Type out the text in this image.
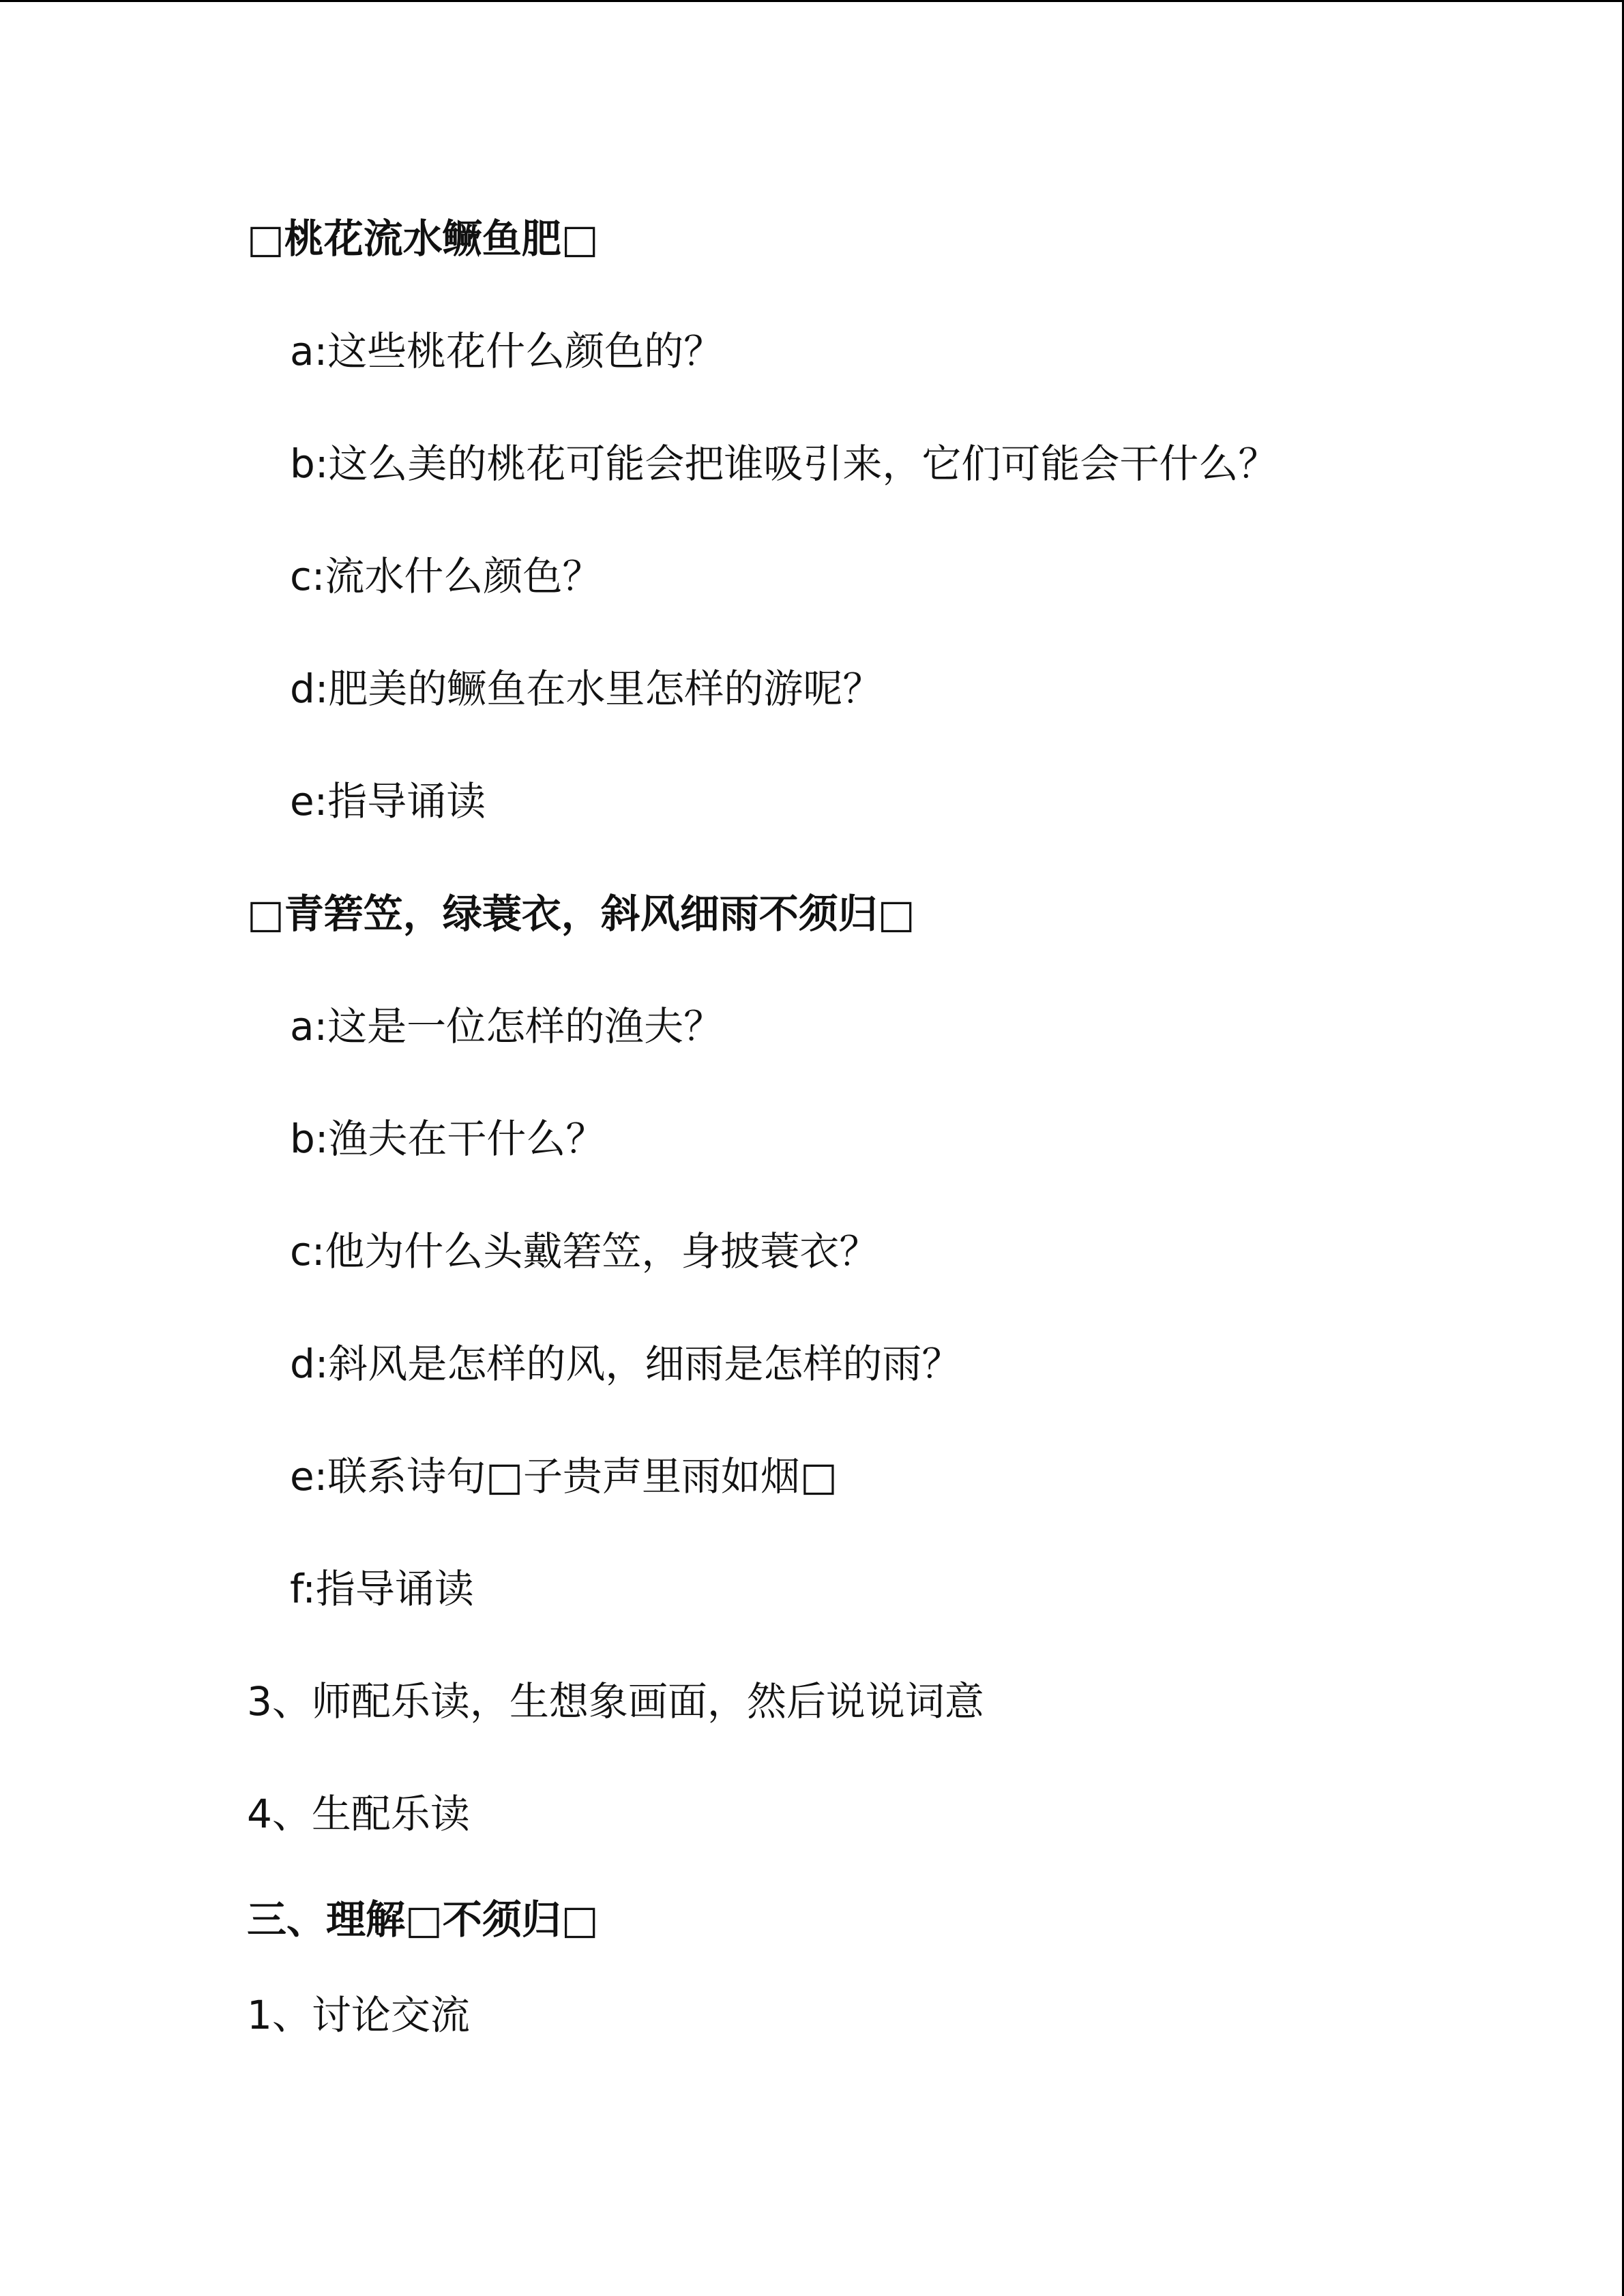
□桃花流水鳜鱼肥□
a:这些桃花什么颜色的？
b:这么美的桃花可能会把谁吸引来，它们可能会干什么？
c:流水什么颜色？
d:肥美的鳜鱼在水里怎样的游呢？
e:指导诵读
□青箬笠，绿蓑衣，斜风细雨不须归□
a:这是一位怎样的渔夫？
b:渔夫在干什么？
c:他为什么头戴箬笠，身披蓑衣？
d:斜风是怎样的风，细雨是怎样的雨？
e:联系诗句□子贵声里雨如烟□
f:指导诵读
3、师配乐读，生想象画面，然后说说词意
4、生配乐读
三、理解□不须归□
1、讨论交流
